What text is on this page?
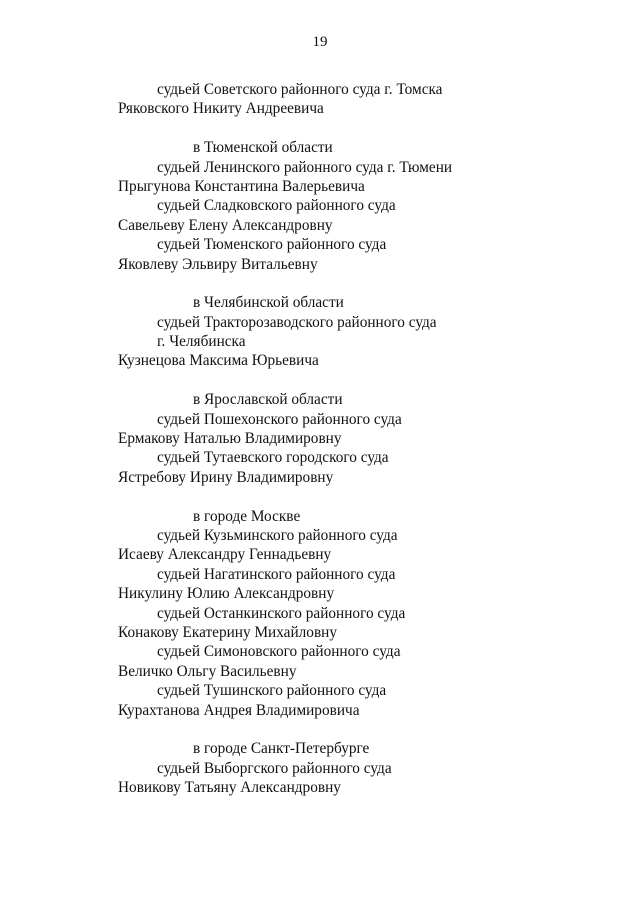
19
судьей Советского районного суда г. Томска
Ряковского Никиту Андреевича
в Тюменской области
судьей Ленинского районного суда г. Тюмени
Прыгунова Константина Валерьевича
судьей Сладковского районного суда
Савельеву Елену Александровну
судьей Тюменского районного суда
Яковлеву Эльвиру Витальевну
в Челябинской области
судьей Тракторозаводского районного суда
г. Челябинска
Кузнецова Максима Юрьевича
в Ярославской области
судьей Пошехонского районного суда
Ермакову Наталью Владимировну
судьей Тутаевского городского суда
Ястребову Ирину Владимировну
в городе Москве
судьей Кузьминского районного суда
Исаеву Александру Геннадьевну
судьей Нагатинского районного суда
Никулину Юлию Александровну
судьей Останкинского районного суда
Конакову Екатерину Михайловну
судьей Симоновского районного суда
Величко Ольгу Васильевну
судьей Тушинского районного суда
Курахтанова Андрея Владимировича
в городе Санкт-Петербурге
судьей Выборгского районного суда
Новикову Татьяну Александровну
